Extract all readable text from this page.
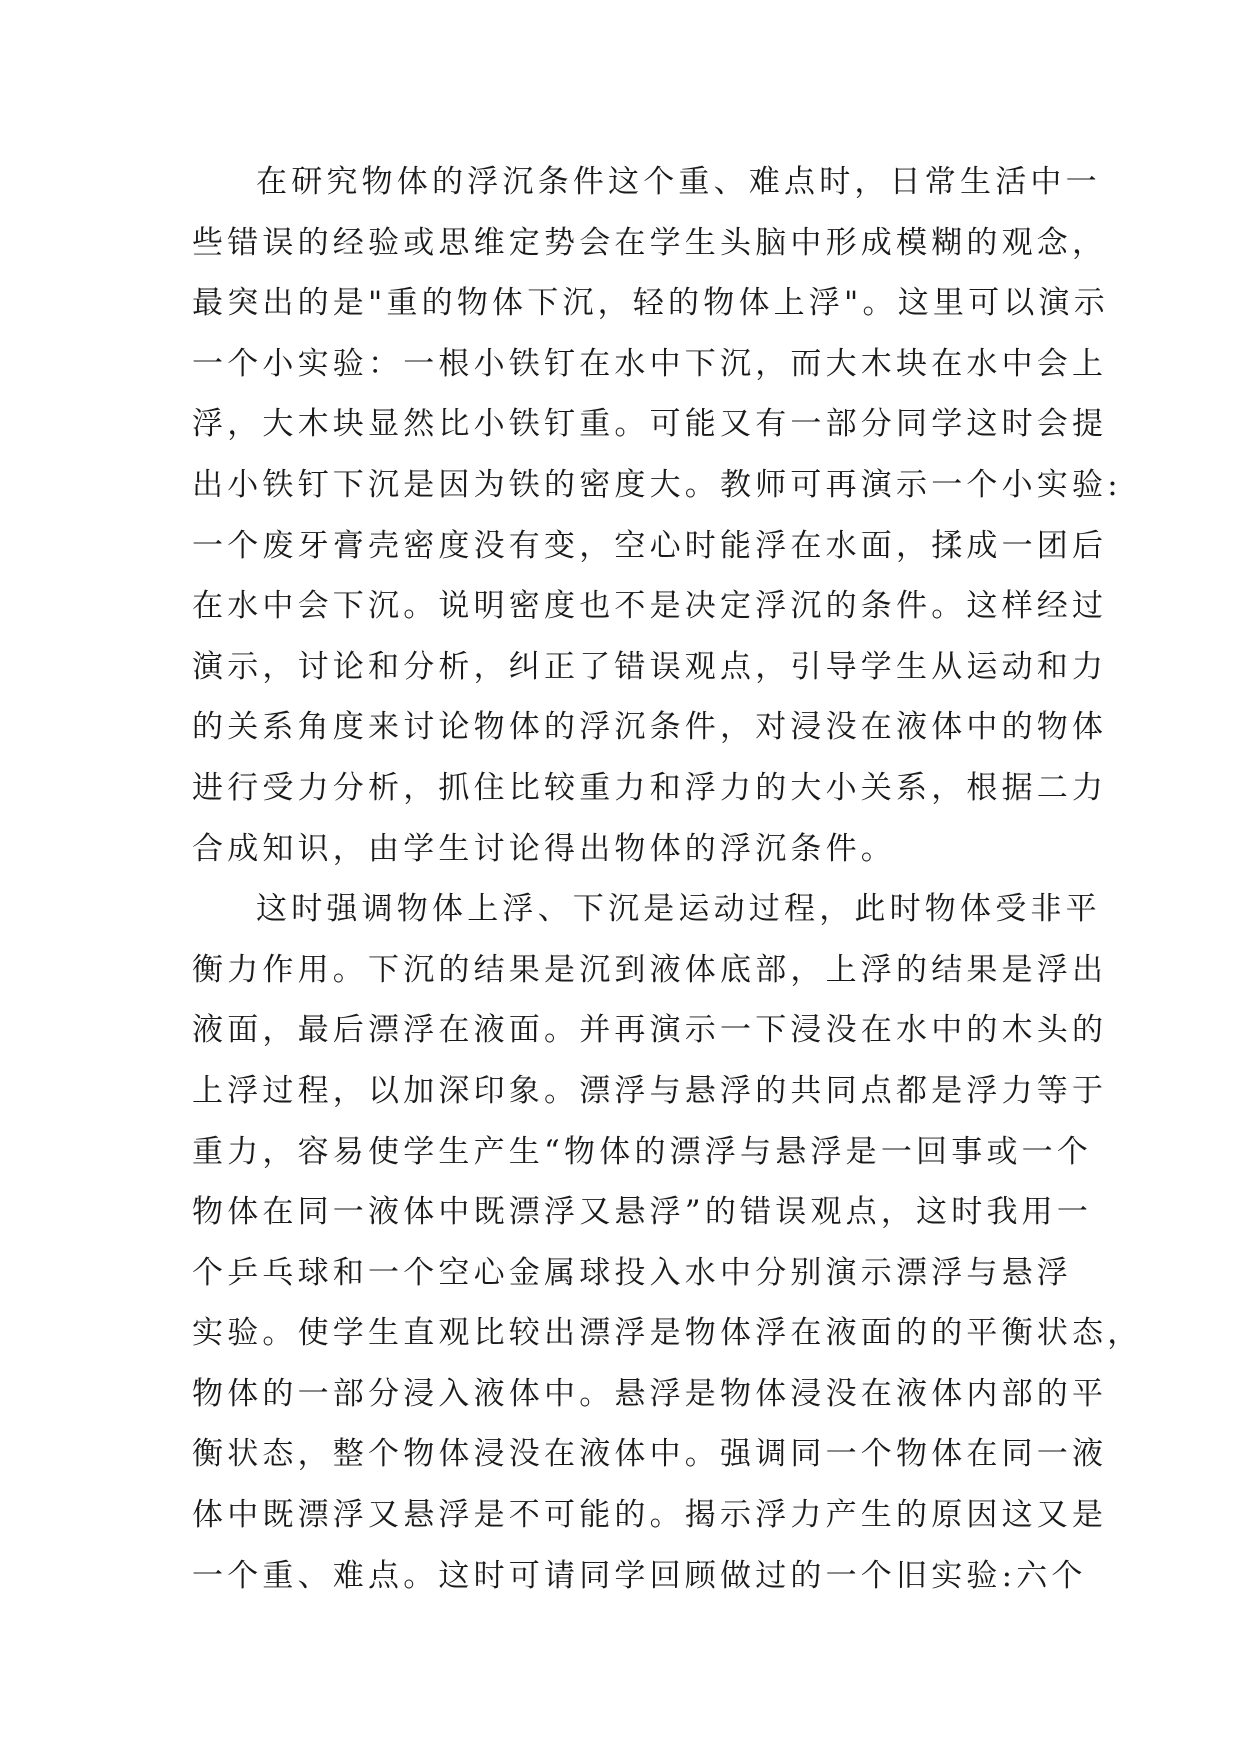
在研究物体的浮沉条件这个重、难点时，日常生活中一
些错误的经验或思维定势会在学生头脑中形成模糊的观念，
最突出的是"重的物体下沉，轻的物体上浮"。这里可以演示
一个小实验：一根小铁钉在水中下沉，而大木块在水中会上
浮，大木块显然比小铁钉重。可能又有一部分同学这时会提
出小铁钉下沉是因为铁的密度大。教师可再演示一个小实验:
一个废牙膏壳密度没有变，空心时能浮在水面，揉成一团后
在水中会下沉。说明密度也不是决定浮沉的条件。这样经过
演示，讨论和分析，纠正了错误观点，引导学生从运动和力
的关系角度来讨论物体的浮沉条件，对浸没在液体中的物体
进行受力分析，抓住比较重力和浮力的大小关系，根据二力
合成知识，由学生讨论得出物体的浮沉条件。
这时强调物体上浮、下沉是运动过程，此时物体受非平
衡力作用。下沉的结果是沉到液体底部，上浮的结果是浮出
液面，最后漂浮在液面。并再演示一下浸没在水中的木头的
上浮过程，以加深印象。漂浮与悬浮的共同点都是浮力等于
重力，容易使学生产生“物体的漂浮与悬浮是一回事或一个
物体在同一液体中既漂浮又悬浮”的错误观点，这时我用一
个乒乓球和一个空心金属球投入水中分别演示漂浮与悬浮
实验。使学生直观比较出漂浮是物体浮在液面的的平衡状态，
物体的一部分浸入液体中。悬浮是物体浸没在液体内部的平
衡状态，整个物体浸没在液体中。强调同一个物体在同一液
体中既漂浮又悬浮是不可能的。揭示浮力产生的原因这又是
一个重、难点。这时可请同学回顾做过的一个旧实验:六个
